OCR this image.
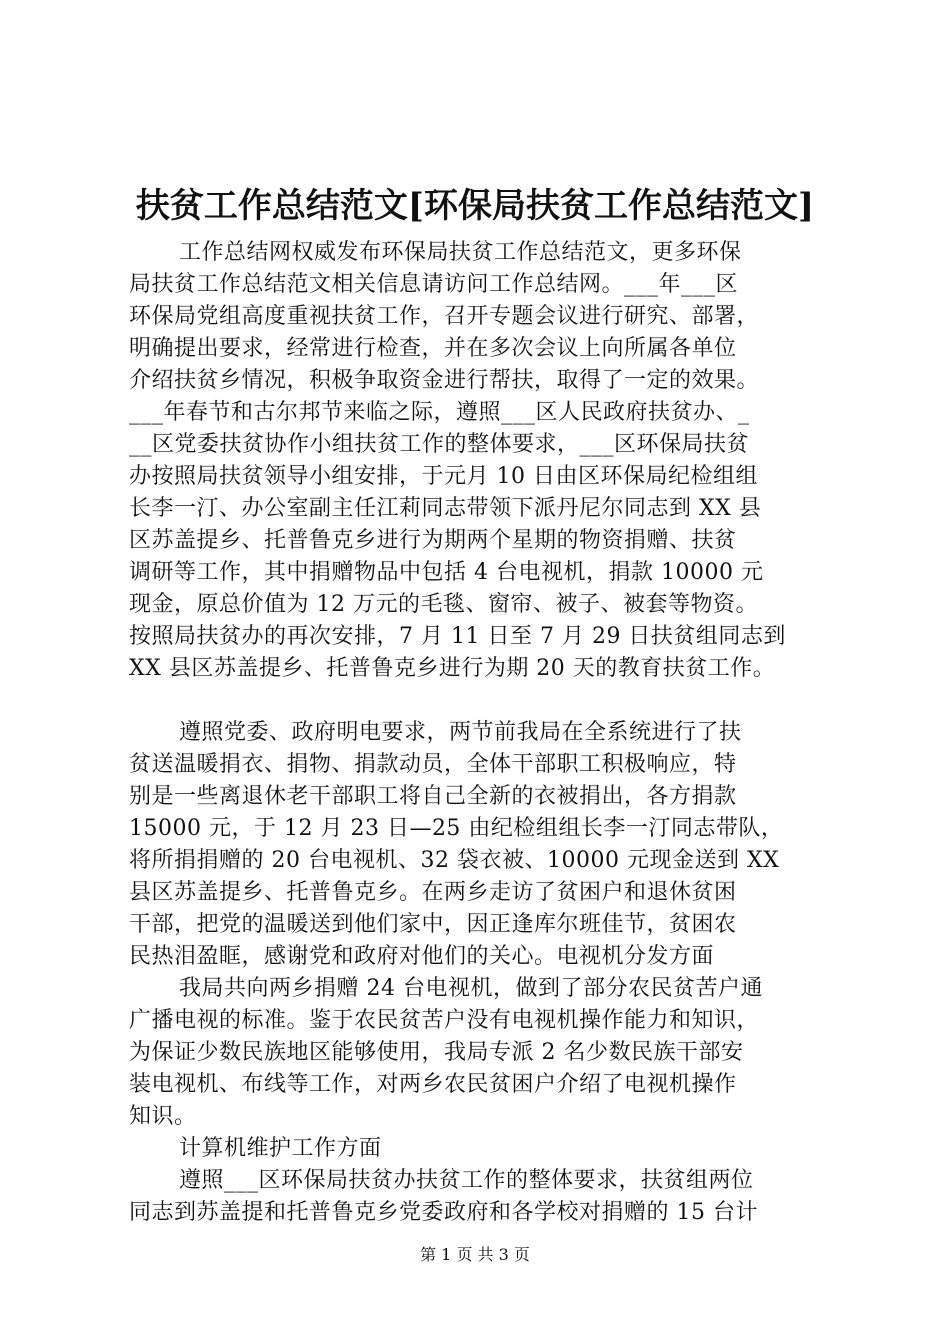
扶贫工作总结范文[环保局扶贫工作总结范文]
工作总结网权威发布环保局扶贫工作总结范文，更多环保
局扶贫工作总结范文相关信息请访问工作总结网。___年___区
环保局党组高度重视扶贫工作，召开专题会议进行研究、部署，
明确提出要求，经常进行检查，并在多次会议上向所属各单位
介绍扶贫乡情况，积极争取资金进行帮扶，取得了一定的效果。
___年春节和古尔邦节来临之际，遵照___区人民政府扶贫办、_
__区党委扶贫协作小组扶贫工作的整体要求，___区环保局扶贫
办按照局扶贫领导小组安排，于元月 10 日由区环保局纪检组组
长李一汀、办公室副主任江莉同志带领下派丹尼尔同志到 XX 县
区苏盖提乡、托普鲁克乡进行为期两个星期的物资捐赠、扶贫
调研等工作，其中捐赠物品中包括 4 台电视机，捐款 10000 元
现金，原总价值为 12 万元的毛毯、窗帘、被子、被套等物资。
按照局扶贫办的再次安排，7 月 11 日至 7 月 29 日扶贫组同志到
XX 县区苏盖提乡、托普鲁克乡进行为期 20 天的教育扶贫工作。
遵照党委、政府明电要求，两节前我局在全系统进行了扶
贫送温暖捐衣、捐物、捐款动员，全体干部职工积极响应，特
别是一些离退休老干部职工将自己全新的衣被捐出，各方捐款
15000 元，于 12 月 23 日—25 由纪检组组长李一汀同志带队，
将所捐捐赠的 20 台电视机、32 袋衣被、10000 元现金送到 XX
县区苏盖提乡、托普鲁克乡。在两乡走访了贫困户和退休贫困
干部，把党的温暖送到他们家中，因正逢库尔班佳节，贫困农
民热泪盈眶，感谢党和政府对他们的关心。电视机分发方面
我局共向两乡捐赠 24 台电视机，做到了部分农民贫苦户通
广播电视的标准。鉴于农民贫苦户没有电视机操作能力和知识，
为保证少数民族地区能够使用，我局专派 2 名少数民族干部安
装电视机、布线等工作，对两乡农民贫困户介绍了电视机操作
知识。
计算机维护工作方面
遵照___区环保局扶贫办扶贫工作的整体要求，扶贫组两位
同志到苏盖提和托普鲁克乡党委政府和各学校对捐赠的 15 台计
第 1 页 共 3 页
